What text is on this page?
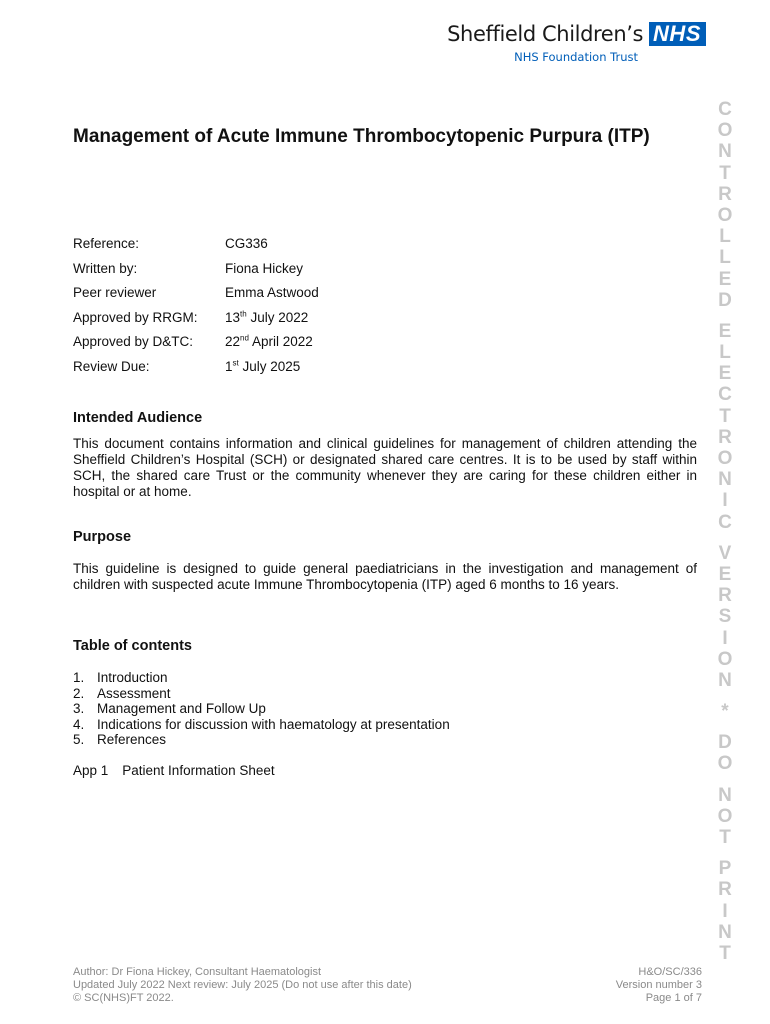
Sheffield Children’s NHS
NHS Foundation Trust
Management of Acute Immune Thrombocytopenic Purpura (ITP)
Reference:	CG336
Written by:	Fiona Hickey
Peer reviewer	Emma Astwood
Approved by RRGM:	13th July 2022
Approved by D&TC:	22nd April 2022
Review Due:	1st July 2025
Intended Audience

This document contains information and clinical guidelines for management of children attending the Sheffield Children’s Hospital (SCH) or designated shared care centres. It is to be used by staff within SCH, the shared care Trust or the community whenever they are caring for these children either in hospital or at home.

Purpose

This guideline is designed to guide general paediatricians in the investigation and management of children with suspected acute Immune Thrombocytopenia (ITP) aged 6 months to 16 years.

Table of contents
1. Introduction
2. Assessment
3. Management and Follow Up
4. Indications for discussion with haematology at presentation
5. References
App 1 Patient Information Sheet
Author: Dr Fiona Hickey, Consultant Haematologist
Updated July 2022 Next review: July 2025 (Do not use after this date)
© SC(NHS)FT 2022.
H&O/SC/336
Version number 3
Page 1 of 7
C
O
N
T
R
O
L
L
E
D
E
L
E
C
T
R
O
N
I
C
V
E
R
S
I
O
N
*
D
O
N
O
T
P
R
I
N
T
